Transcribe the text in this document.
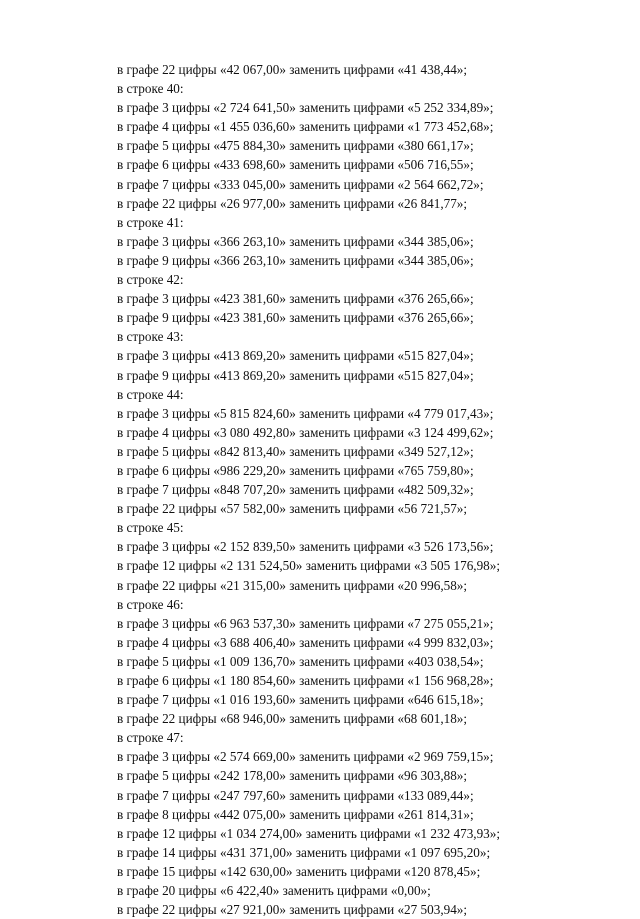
в графе 22 цифры «42 067,00» заменить цифрами «41 438,44»;
в строке 40:
в графе 3 цифры «2 724 641,50» заменить цифрами «5 252 334,89»;
в графе 4 цифры «1 455 036,60» заменить цифрами «1 773 452,68»;
в графе 5 цифры «475 884,30» заменить цифрами «380 661,17»;
в графе 6 цифры «433 698,60» заменить цифрами «506 716,55»;
в графе 7 цифры «333 045,00» заменить цифрами «2 564 662,72»;
в графе 22 цифры «26 977,00» заменить цифрами «26 841,77»;
в строке 41:
в графе 3 цифры «366 263,10» заменить цифрами «344 385,06»;
в графе 9 цифры «366 263,10» заменить цифрами «344 385,06»;
в строке 42:
в графе 3 цифры «423 381,60» заменить цифрами «376 265,66»;
в графе 9 цифры «423 381,60» заменить цифрами «376 265,66»;
в строке 43:
в графе 3 цифры «413 869,20» заменить цифрами «515 827,04»;
в графе 9 цифры «413 869,20» заменить цифрами «515 827,04»;
в строке 44:
в графе 3 цифры «5 815 824,60» заменить цифрами «4 779 017,43»;
в графе 4 цифры «3 080 492,80» заменить цифрами «3 124 499,62»;
в графе 5 цифры «842 813,40» заменить цифрами «349 527,12»;
в графе 6 цифры «986 229,20» заменить цифрами «765 759,80»;
в графе 7 цифры «848 707,20» заменить цифрами «482 509,32»;
в графе 22 цифры «57 582,00» заменить цифрами «56 721,57»;
в строке 45:
в графе 3 цифры «2 152 839,50» заменить цифрами «3 526 173,56»;
в графе 12 цифры «2 131 524,50» заменить цифрами «3 505 176,98»;
в графе 22 цифры «21 315,00» заменить цифрами «20 996,58»;
в строке 46:
в графе 3 цифры «6 963 537,30» заменить цифрами «7 275 055,21»;
в графе 4 цифры «3 688 406,40» заменить цифрами «4 999 832,03»;
в графе 5 цифры «1 009 136,70» заменить цифрами «403 038,54»;
в графе 6 цифры «1 180 854,60» заменить цифрами «1 156 968,28»;
в графе 7 цифры «1 016 193,60» заменить цифрами «646 615,18»;
в графе 22 цифры «68 946,00» заменить цифрами «68 601,18»;
в строке 47:
в графе 3 цифры «2 574 669,00» заменить цифрами «2 969 759,15»;
в графе 5 цифры «242 178,00» заменить цифрами «96 303,88»;
в графе 7 цифры «247 797,60» заменить цифрами «133 089,44»;
в графе 8 цифры «442 075,00» заменить цифрами «261 814,31»;
в графе 12 цифры «1 034 274,00» заменить цифрами «1 232 473,93»;
в графе 14 цифры «431 371,00» заменить цифрами «1 097 695,20»;
в графе 15 цифры «142 630,00» заменить цифрами «120 878,45»;
в графе 20 цифры «6 422,40» заменить цифрами «0,00»;
в графе 22 цифры «27 921,00» заменить цифрами «27 503,94»;
